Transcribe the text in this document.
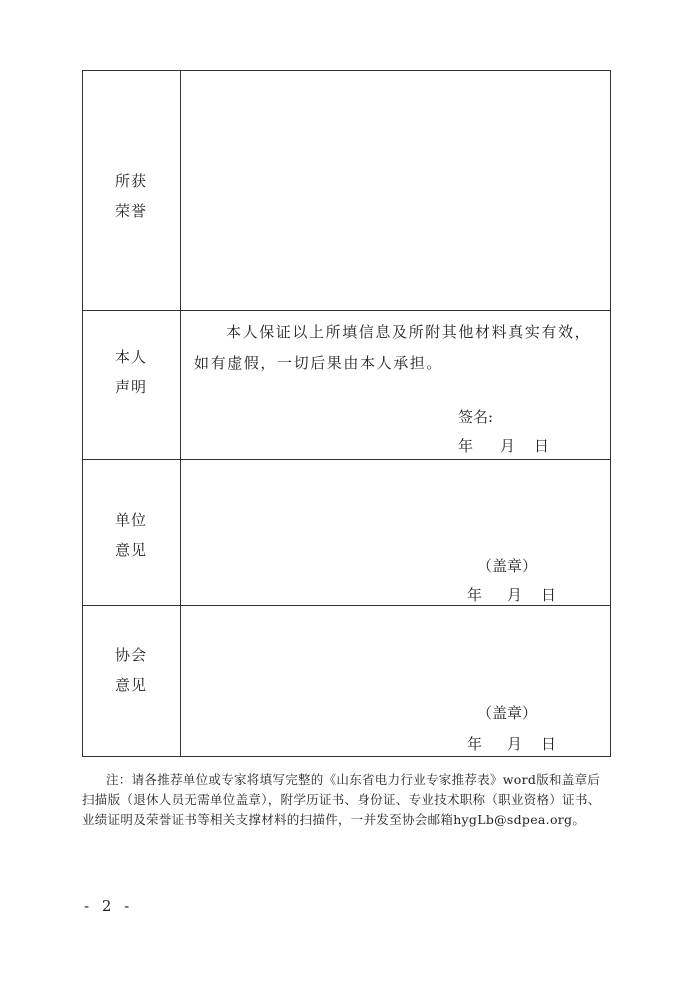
所获
荣誉
本人
声明
本人保证以上所填信息及所附其他材料真实有效，如有虚假，一切后果由本人承担。
签名:
年 月 日
单位
意见
（盖章）
年 月 日
协会
意见
（盖章）
年 月 日
注：请各推荐单位或专家将填写完整的《山东省电力行业专家推荐表》word版和盖章后扫描版（退休人员无需单位盖章），附学历证书、身份证、专业技术职称（职业资格）证书、业绩证明及荣誉证书等相关支撑材料的扫描件，一并发至协会邮箱hygLb@sdpea.org。
- 2 -
